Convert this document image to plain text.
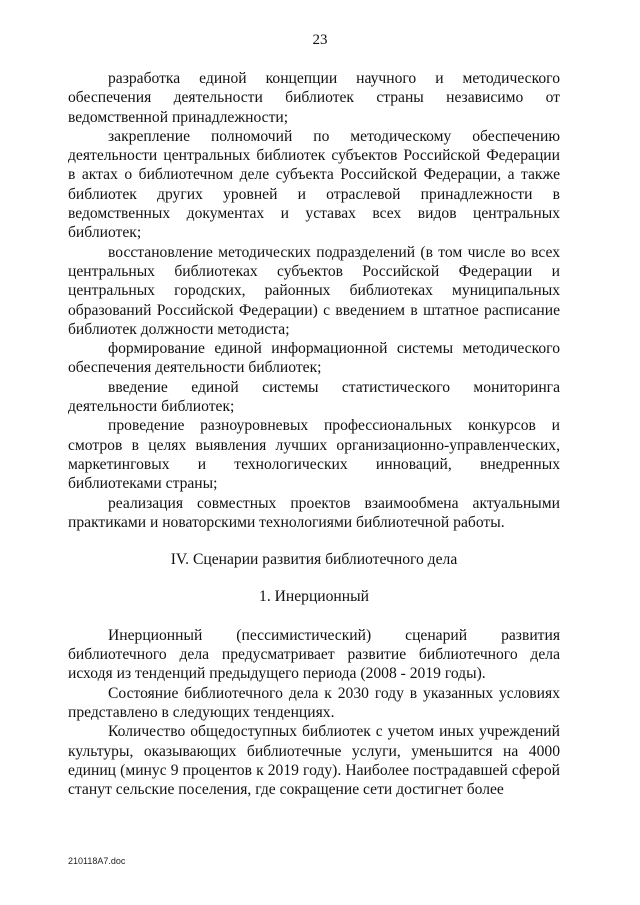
23

разработка единой концепции научного и методического обеспечения деятельности библиотек страны независимо от ведомственной принадлежности;

закрепление полномочий по методическому обеспечению деятельности центральных библиотек субъектов Российской Федерации в актах о библиотечном деле субъекта Российской Федерации, а также библиотек других уровней и отраслевой принадлежности в ведомственных документах и уставах всех видов центральных библиотек;

восстановление методических подразделений (в том числе во всех центральных библиотеках субъектов Российской Федерации и центральных городских, районных библиотеках муниципальных образований Российской Федерации) с введением в штатное расписание библиотек должности методиста;

формирование единой информационной системы методического обеспечения деятельности библиотек;

введение единой системы статистического мониторинга деятельности библиотек;

проведение разноуровневых профессиональных конкурсов и смотров в целях выявления лучших организационно-управленческих, маркетинговых и технологических инноваций, внедренных библиотеками страны;

реализация совместных проектов взаимообмена актуальными практиками и новаторскими технологиями библиотечной работы.

IV. Сценарии развития библиотечного дела

1. Инерционный

Инерционный (пессимистический) сценарий развития библиотечного дела предусматривает развитие библиотечного дела исходя из тенденций предыдущего периода (2008 - 2019 годы).

Состояние библиотечного дела к 2030 году в указанных условиях представлено в следующих тенденциях.

Количество общедоступных библиотек с учетом иных учреждений культуры, оказывающих библиотечные услуги, уменьшится на 4000 единиц (минус 9 процентов к 2019 году). Наиболее пострадавшей сферой станут сельские поселения, где сокращение сети достигнет более

210118A7.doc
